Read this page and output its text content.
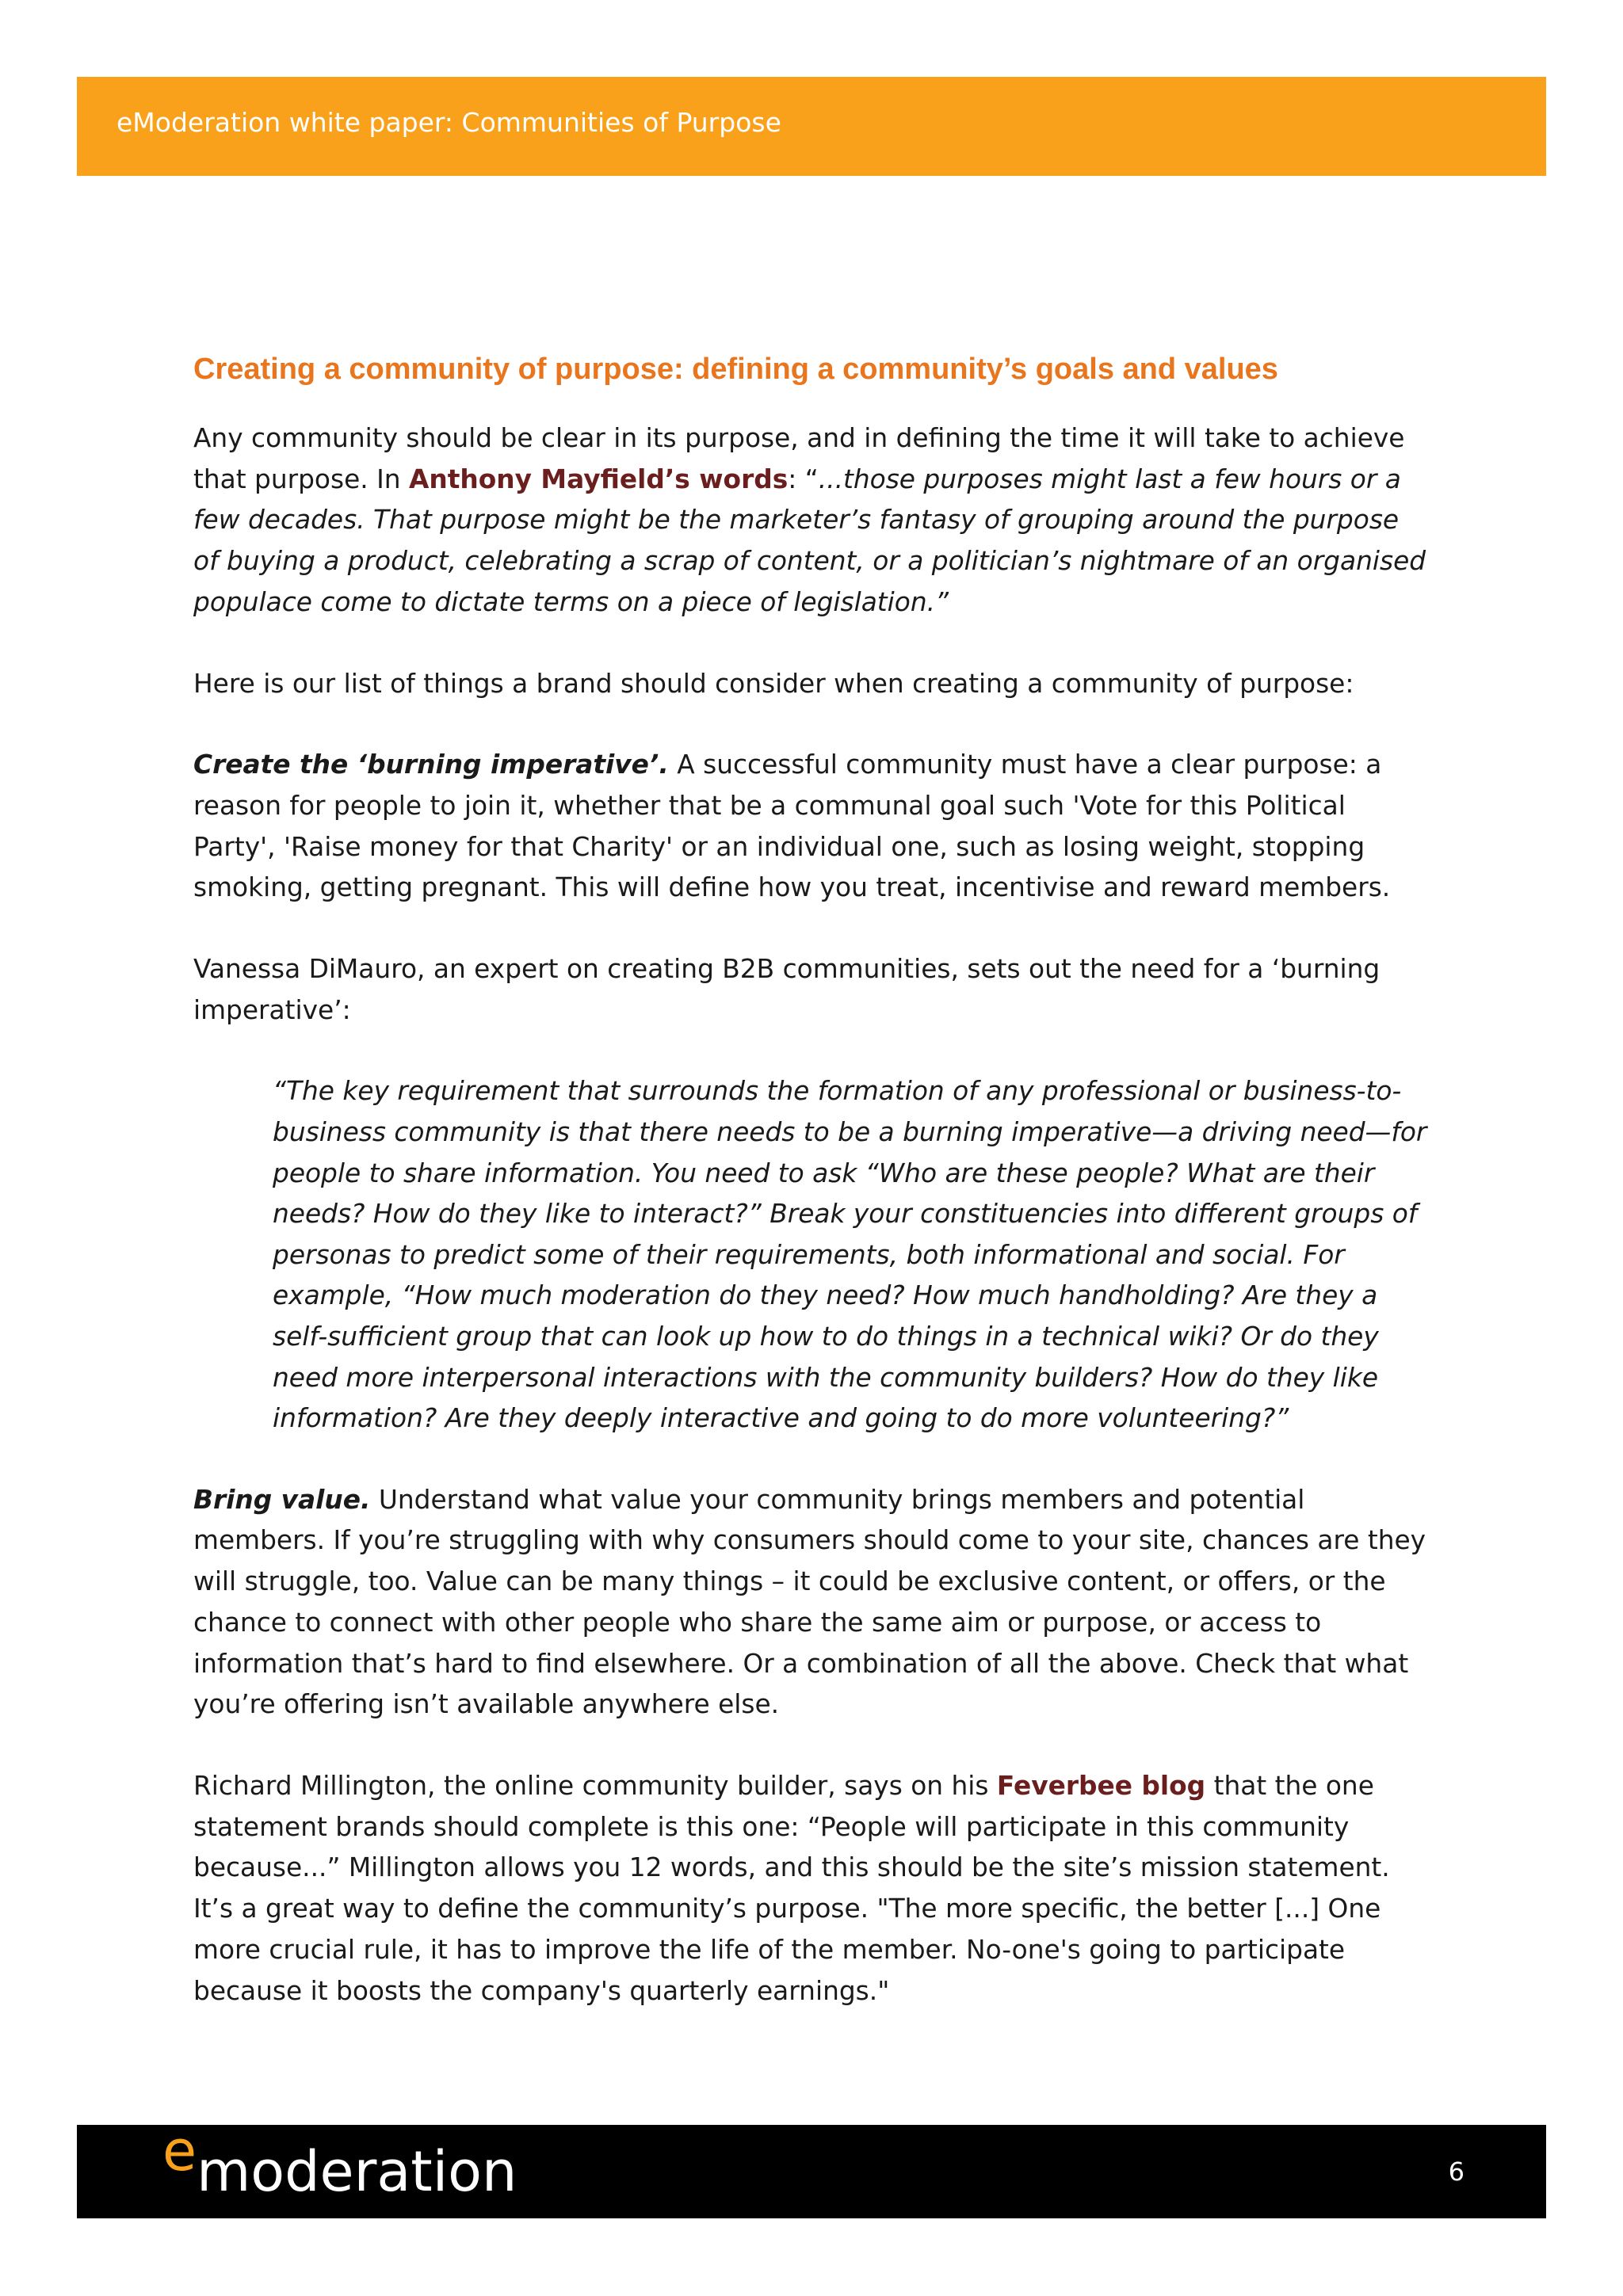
eModeration white paper: Communities of Purpose
Creating a community of purpose: defining a community’s goals and values

Any community should be clear in its purpose, and in defining the time it will take to achieve that purpose. In Anthony Mayfield’s words: “...those purposes might last a few hours or a few decades. That purpose might be the marketer’s fantasy of grouping around the purpose of buying a product, celebrating a scrap of content, or a politician’s nightmare of an organised populace come to dictate terms on a piece of legislation.”

Here is our list of things a brand should consider when creating a community of purpose:

Create the ‘burning imperative’. A successful community must have a clear purpose: a reason for people to join it, whether that be a communal goal such 'Vote for this Political Party', 'Raise money for that Charity' or an individual one, such as losing weight, stopping smoking, getting pregnant. This will define how you treat, incentivise and reward members.

Vanessa DiMauro, an expert on creating B2B communities, sets out the need for a ‘burning imperative’:

“The key requirement that surrounds the formation of any professional or business-to-business community is that there needs to be a burning imperative—a driving need—for people to share information. You need to ask “Who are these people? What are their needs? How do they like to interact?” Break your constituencies into different groups of personas to predict some of their requirements, both informational and social. For example, “How much moderation do they need? How much handholding? Are they a self-sufficient group that can look up how to do things in a technical wiki? Or do they need more interpersonal interactions with the community builders? How do they like information? Are they deeply interactive and going to do more volunteering?”

Bring value. Understand what value your community brings members and potential members. If you’re struggling with why consumers should come to your site, chances are they will struggle, too. Value can be many things – it could be exclusive content, or offers, or the chance to connect with other people who share the same aim or purpose, or access to information that’s hard to find elsewhere. Or a combination of all the above. Check that what you’re offering isn’t available anywhere else.

Richard Millington, the online community builder, says on his Feverbee blog that the one statement brands should complete is this one: “People will participate in this community because...” Millington allows you 12 words, and this should be the site’s mission statement. It’s a great way to define the community’s purpose. "The more specific, the better [...] One more crucial rule, it has to improve the life of the member. No-one's going to participate because it boosts the company's quarterly earnings."

emoderation	6
